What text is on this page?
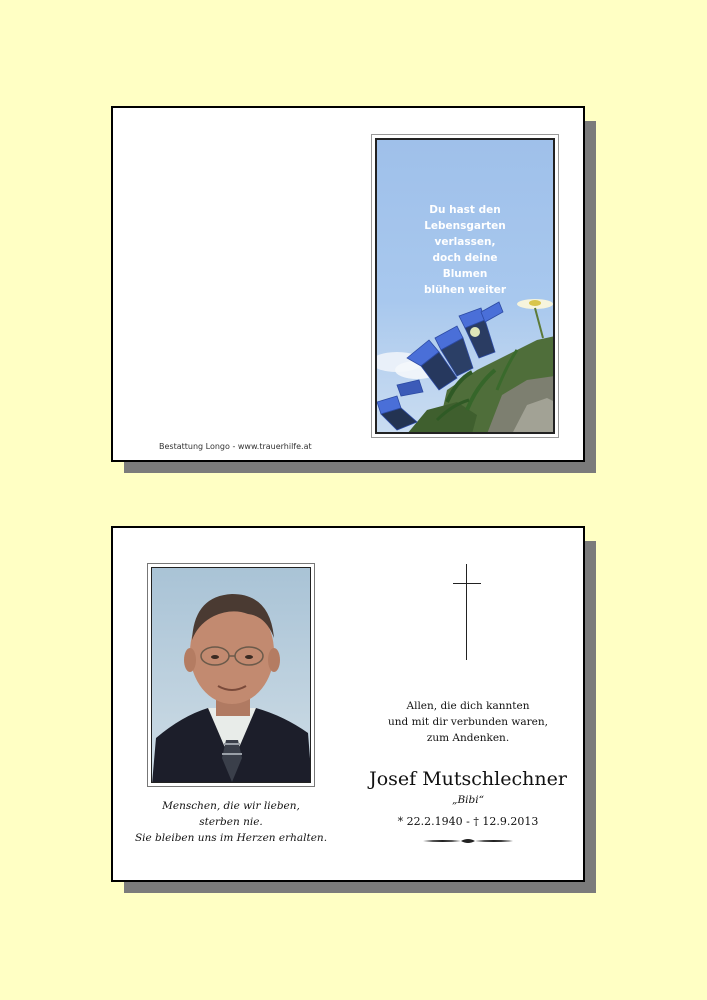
Du hast den
Lebensgarten
verlassen,
doch deine
Blumen
blühen weiter
Bestattung Longo - www.trauerhilfe.at
Menschen, die wir lieben,
sterben nie.
Sie bleiben uns im Herzen erhalten.
Allen, die dich kannten
und mit dir verbunden waren,
zum Andenken.
Josef Mutschlechner
„Bibi“
* 22.2.1940 - † 12.9.2013
